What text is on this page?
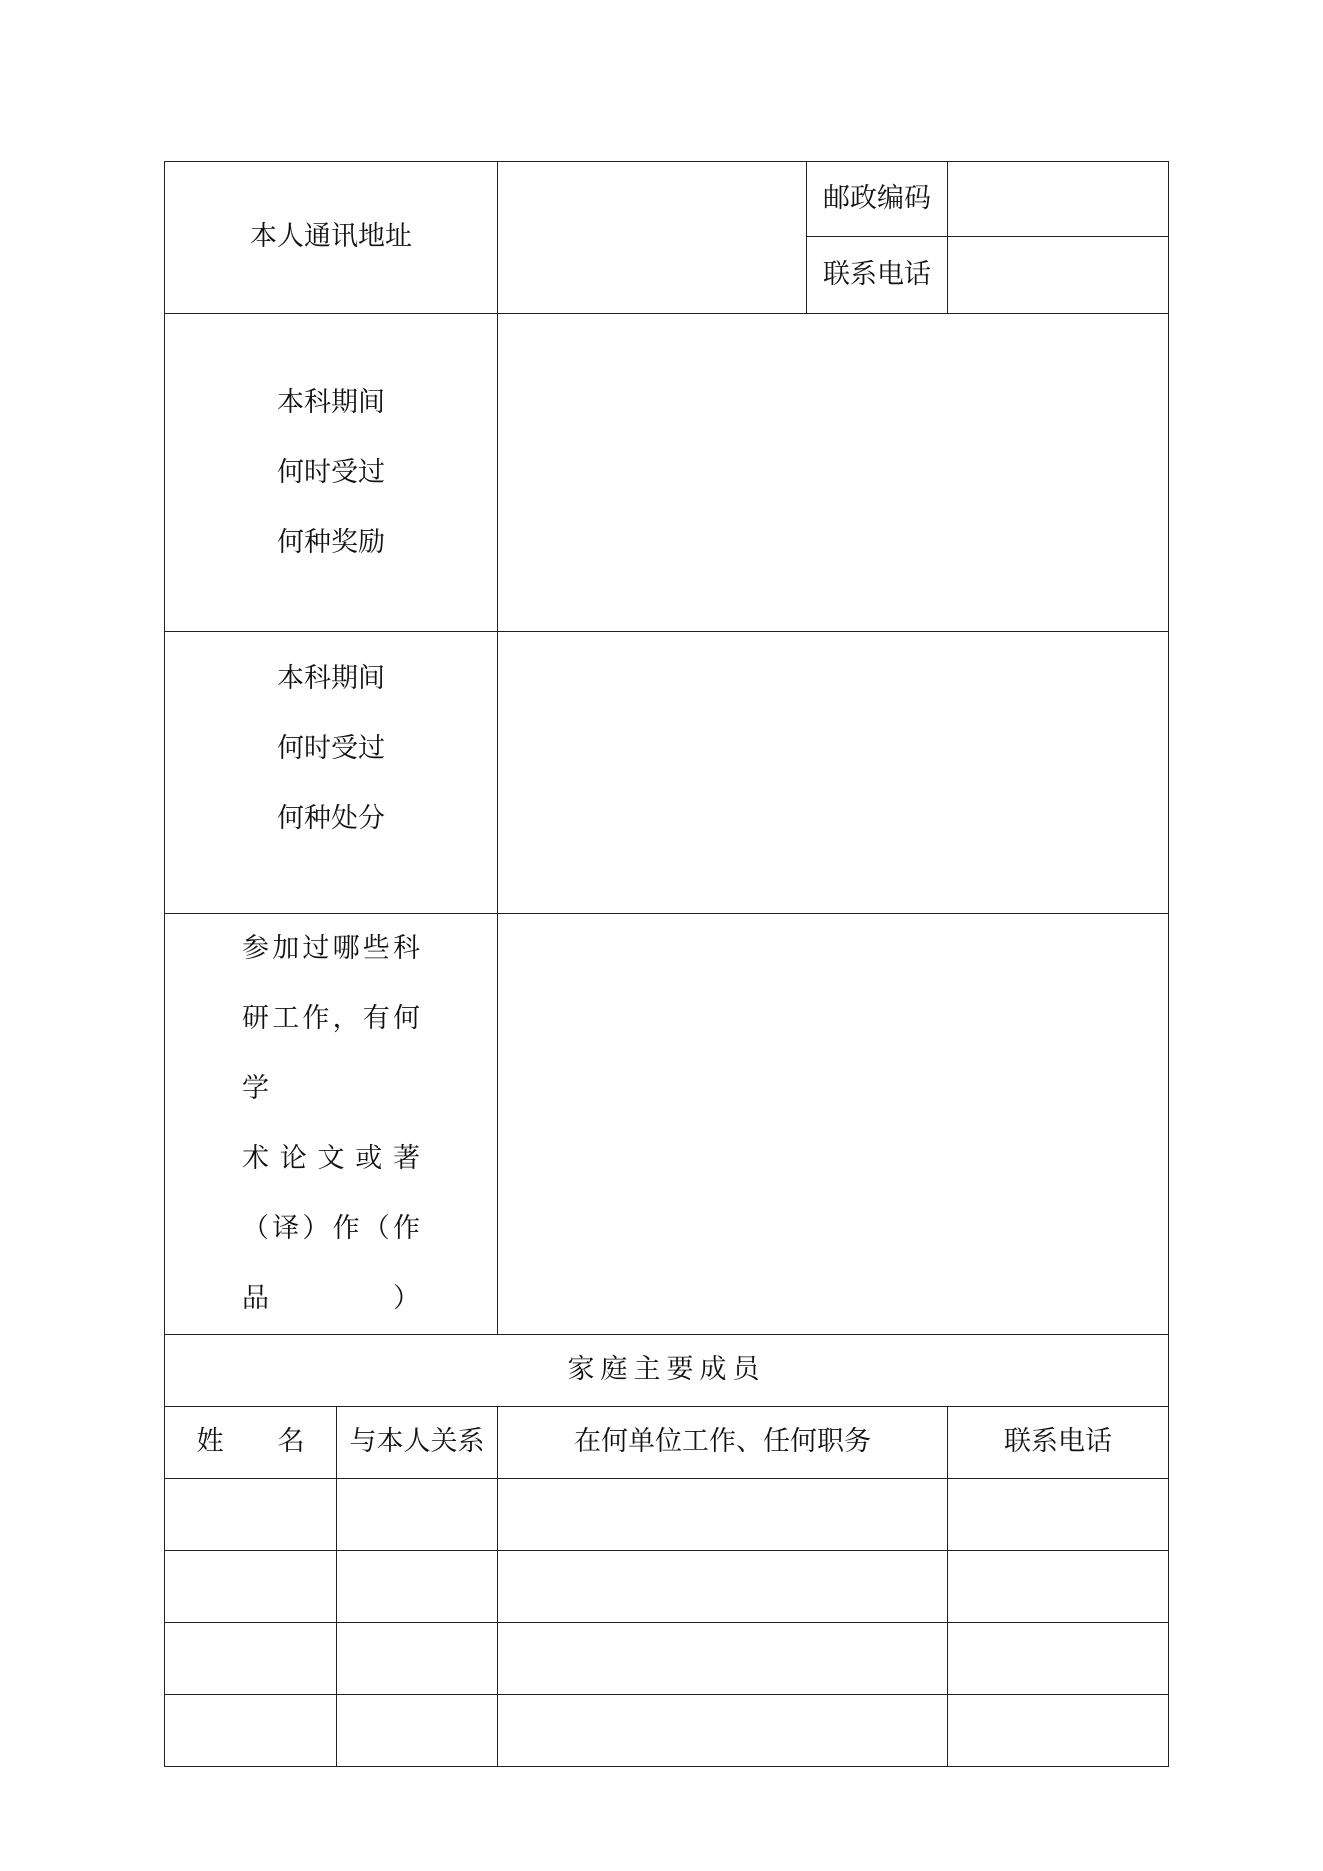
本人通讯地址			邮政编码	
			联系电话	

本科期间
何时受过
何种奖励				

本科期间
何时受过
何种处分				

参加过哪些科
研工作，有何学
术论文或著
（译）作（作品）				

家庭主要成员				
姓　　名	与本人关系	在何单位工作、任何职务		联系电话
